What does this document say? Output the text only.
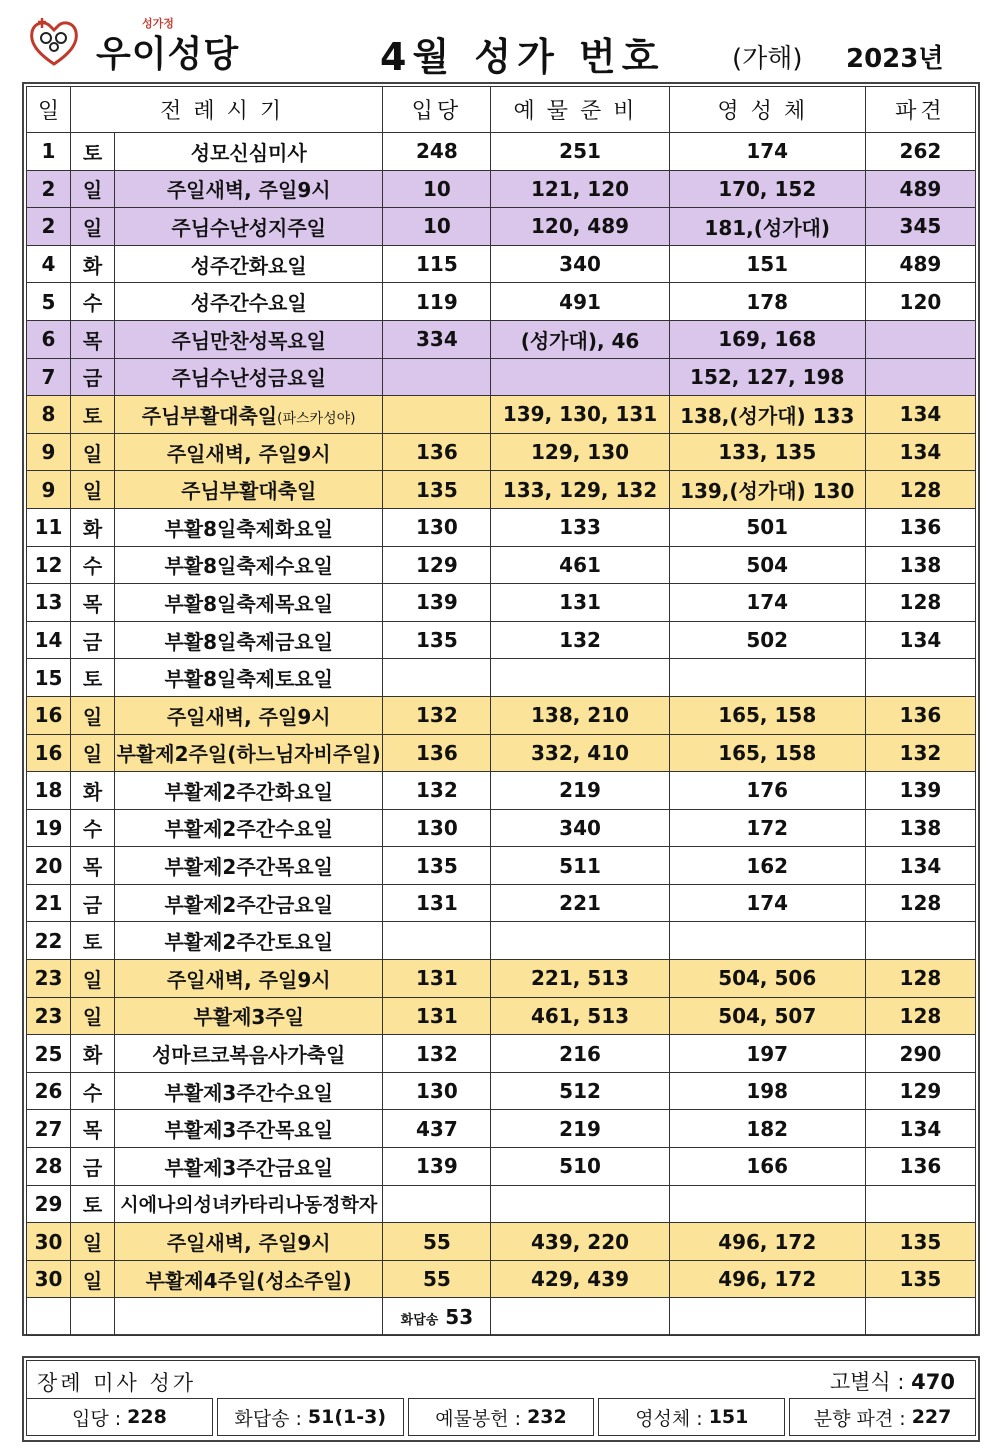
성가정
우이성당	4월 성가 번호	(가해) 2023년
일	전례시기		입당	예물준비	영성체	파견
1	토	성모신심미사	248	251	174	262
2	일	주일새벽, 주일9시	10	121, 120	170, 152	489
2	일	주님수난성지주일	10	120, 489	181,(성가대)	345
4	화	성주간화요일	115	340	151	489
5	수	성주간수요일	119	491	178	120
6	목	주님만찬성목요일	334	(성가대), 46	169, 168	
7	금	주님수난성금요일			152, 127, 198	
8	토	주님부활대축일(파스카성야)		139, 130, 131	138,(성가대) 133	134
9	일	주일새벽, 주일9시	136	129, 130	133, 135	134
9	일	주님부활대축일	135	133, 129, 132	139,(성가대) 130	128
11	화	부활8일축제화요일	130	133	501	136
12	수	부활8일축제수요일	129	461	504	138
13	목	부활8일축제목요일	139	131	174	128
14	금	부활8일축제금요일	135	132	502	134
15	토	부활8일축제토요일				
16	일	주일새벽, 주일9시	132	138, 210	165, 158	136
16	일	부활제2주일(하느님자비주일)	136	332, 410	165, 158	132
18	화	부활제2주간화요일	132	219	176	139
19	수	부활제2주간수요일	130	340	172	138
20	목	부활제2주간목요일	135	511	162	134
21	금	부활제2주간금요일	131	221	174	128
22	토	부활제2주간토요일				
23	일	주일새벽, 주일9시	131	221, 513	504, 506	128
23	일	부활제3주일	131	461, 513	504, 507	128
25	화	성마르코복음사가축일	132	216	197	290
26	수	부활제3주간수요일	130	512	198	129
27	목	부활제3주간목요일	437	219	182	134
28	금	부활제3주간금요일	139	510	166	136
29	토	시에나의성녀카타리나동정학자				
30	일	주일새벽, 주일9시	55	439, 220	496, 172	135
30	일	부활제4주일(성소주일)	55	429, 439	496, 172	135
			화답송 53			
장례 미사 성가	고별식 : 470
입당 : 228	화답송 : 51(1-3)	예물봉헌 : 232	영성체 : 151	분향 파견 : 227
